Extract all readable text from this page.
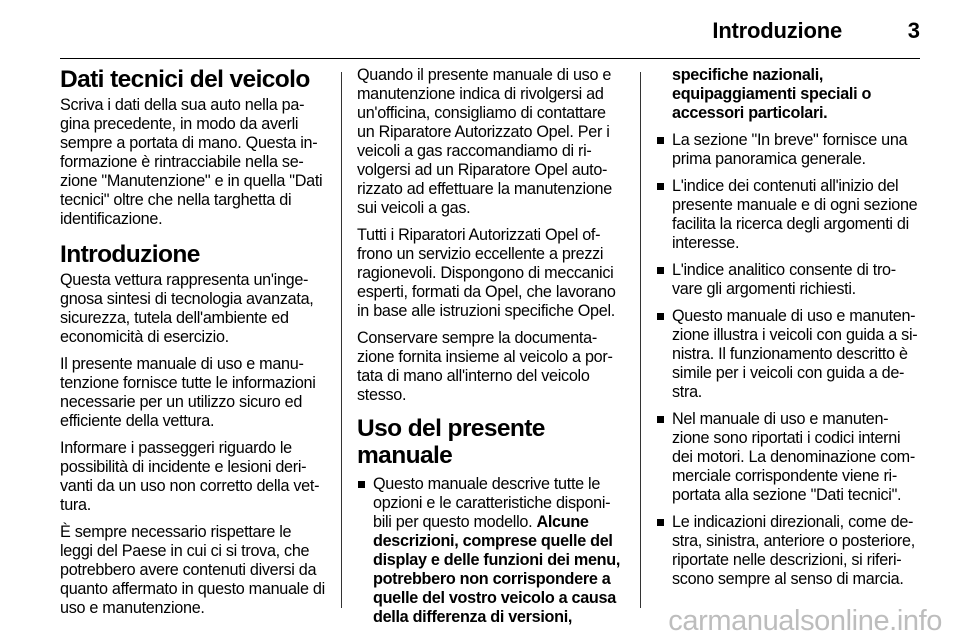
Introduzione	3
Dati tecnici del veicolo

Scriva i dati della sua auto nella pa-gina precedente, in modo da averli sempre a portata di mano. Questa in-formazione è rintracciabile nella se-zione "Manutenzione" e in quella "Dati tecnici" oltre che nella targhetta di identificazione.

Introduzione

Questa vettura rappresenta un'inge-gnosa sintesi di tecnologia avanzata, sicurezza, tutela dell'ambiente ed economicità di esercizio.

Il presente manuale di uso e manu-tenzione fornisce tutte le informazioni necessarie per un utilizzo sicuro ed efficiente della vettura.

Informare i passeggeri riguardo le possibilità di incidente e lesioni deri-vanti da un uso non corretto della vet-tura.

È sempre necessario rispettare le leggi del Paese in cui ci si trova, che potrebbero avere contenuti diversi da quanto affermato in questo manuale di uso e manutenzione.

Quando il presente manuale di uso e manutenzione indica di rivolgersi ad un'officina, consigliamo di contattare un Riparatore Autorizzato Opel. Per i veicoli a gas raccomandiamo di ri-volgersi ad un Riparatore Opel auto-rizzato ad effettuare la manutenzione sui veicoli a gas.

Tutti i Riparatori Autorizzati Opel of-frono un servizio eccellente a prezzi ragionevoli. Dispongono di meccanici esperti, formati da Opel, che lavorano in base alle istruzioni specifiche Opel.

Conservare sempre la documenta-zione fornita insieme al veicolo a por-tata di mano all'interno del veicolo stesso.

Uso del presente manuale
Questo manuale descrive tutte le opzioni e le caratteristiche disponi-bili per questo modello. Alcune descrizioni, comprese quelle del display e delle funzioni dei menu, potrebbero non corrispondere a quelle del vostro veicolo a causa della differenza di versioni,

specifiche nazionali, equipaggiamenti speciali o accessori particolari.

La sezione "In breve" fornisce una prima panoramica generale.
L'indice dei contenuti all'inizio del presente manuale e di ogni sezione facilita la ricerca degli argomenti di interesse.
L'indice analitico consente di tro-vare gli argomenti richiesti.
Questo manuale di uso e manuten-zione illustra i veicoli con guida a si-nistra. Il funzionamento descritto è simile per i veicoli con guida a de-stra.
Nel manuale di uso e manuten-zione sono riportati i codici interni dei motori. La denominazione com-merciale corrispondente viene ri-portata alla sezione "Dati tecnici".
Le indicazioni direzionali, come de-stra, sinistra, anteriore o posteriore, riportate nelle descrizioni, si riferi-scono sempre al senso di marcia.
carmanualsonline.info
